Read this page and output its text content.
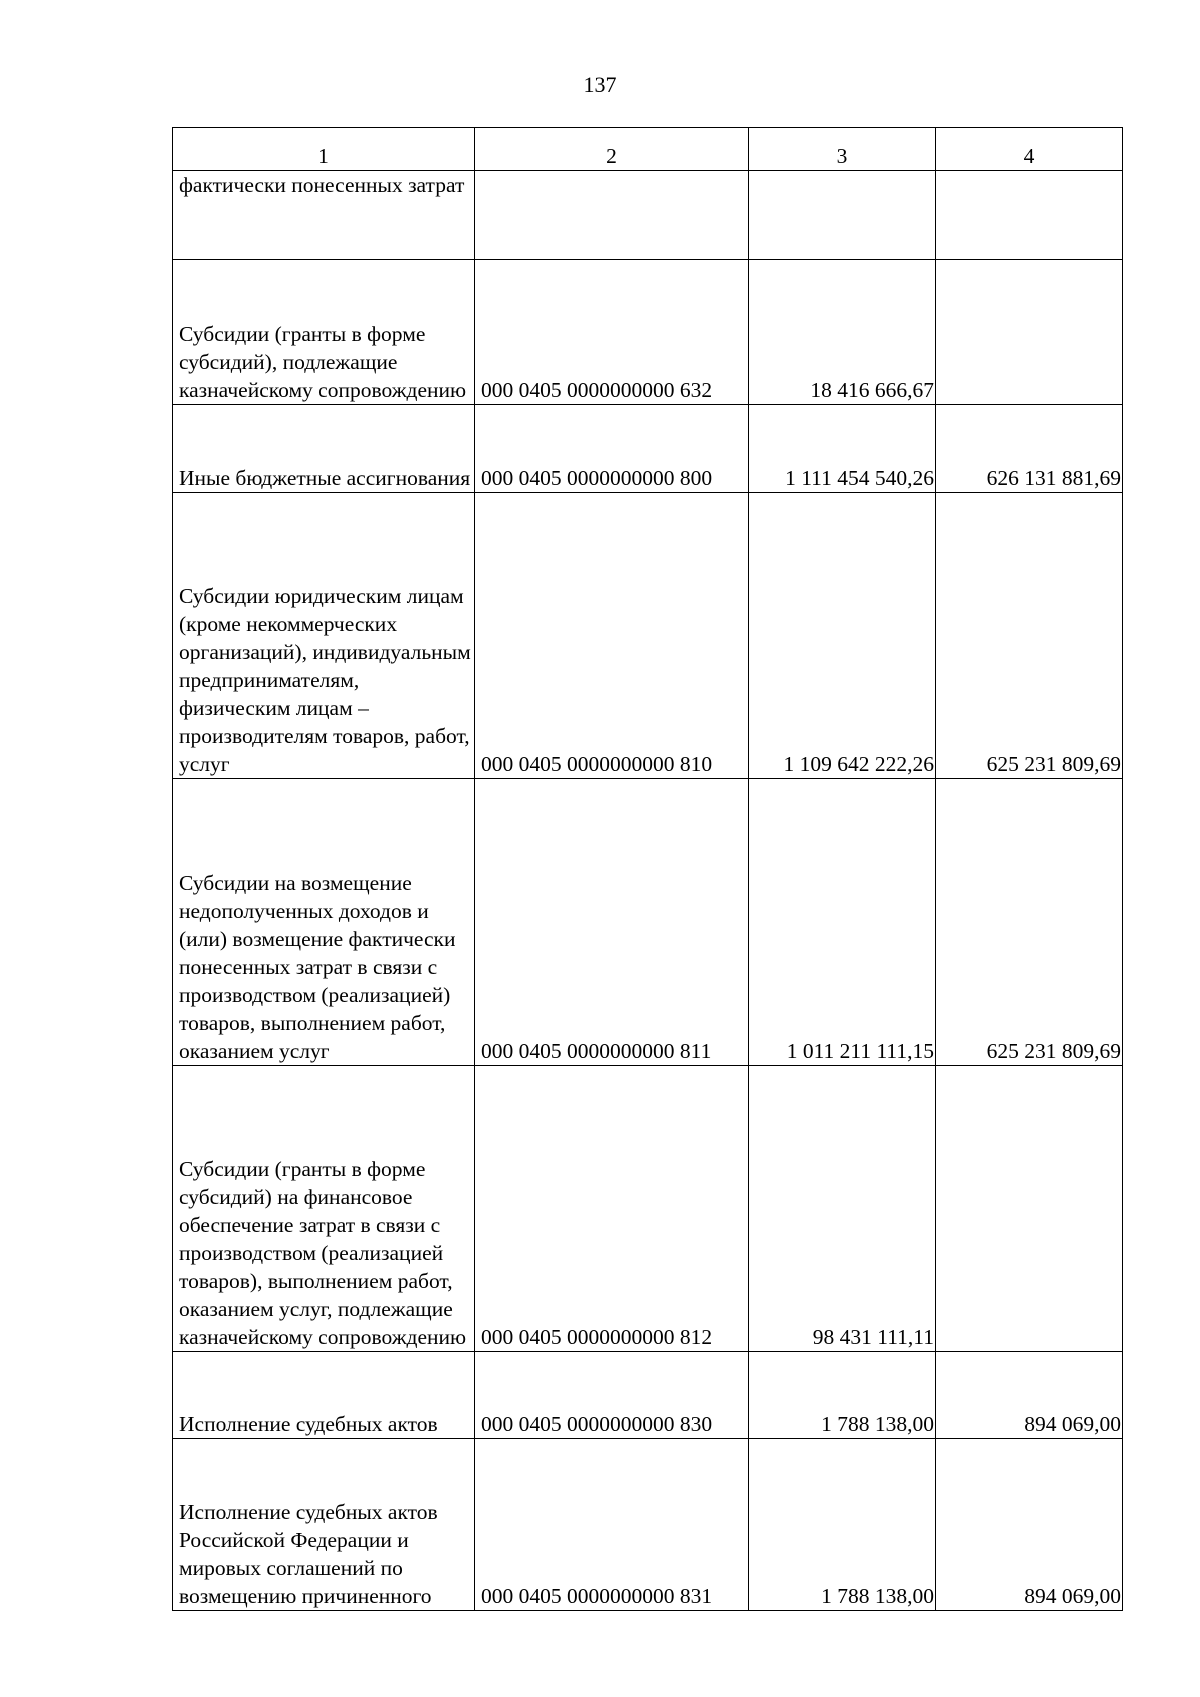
137
1	2	3	4
фактически понесенных затрат			
Субсидии (гранты в форме субсидий), подлежащие казначейскому сопровождению	000 0405 0000000000 632	18 416 666,67	
Иные бюджетные ассигнования	000 0405 0000000000 800	1 111 454 540,26	626 131 881,69
Субсидии юридическим лицам (кроме некоммерческих организаций), индивидуальным предпринимателям, физическим лицам – производителям товаров, работ, услуг	000 0405 0000000000 810	1 109 642 222,26	625 231 809,69
Субсидии на возмещение недополученных доходов и (или) возмещение фактически понесенных затрат в связи с производством (реализацией) товаров, выполнением работ, оказанием услуг	000 0405 0000000000 811	1 011 211 111,15	625 231 809,69
Субсидии (гранты в форме субсидий) на финансовое обеспечение затрат в связи с производством (реализацией товаров), выполнением работ, оказанием услуг, подлежащие казначейскому сопровождению	000 0405 0000000000 812	98 431 111,11	
Исполнение судебных актов	000 0405 0000000000 830	1 788 138,00	894 069,00
Исполнение судебных актов Российской Федерации и мировых соглашений по возмещению причиненного	000 0405 0000000000 831	1 788 138,00	894 069,00
